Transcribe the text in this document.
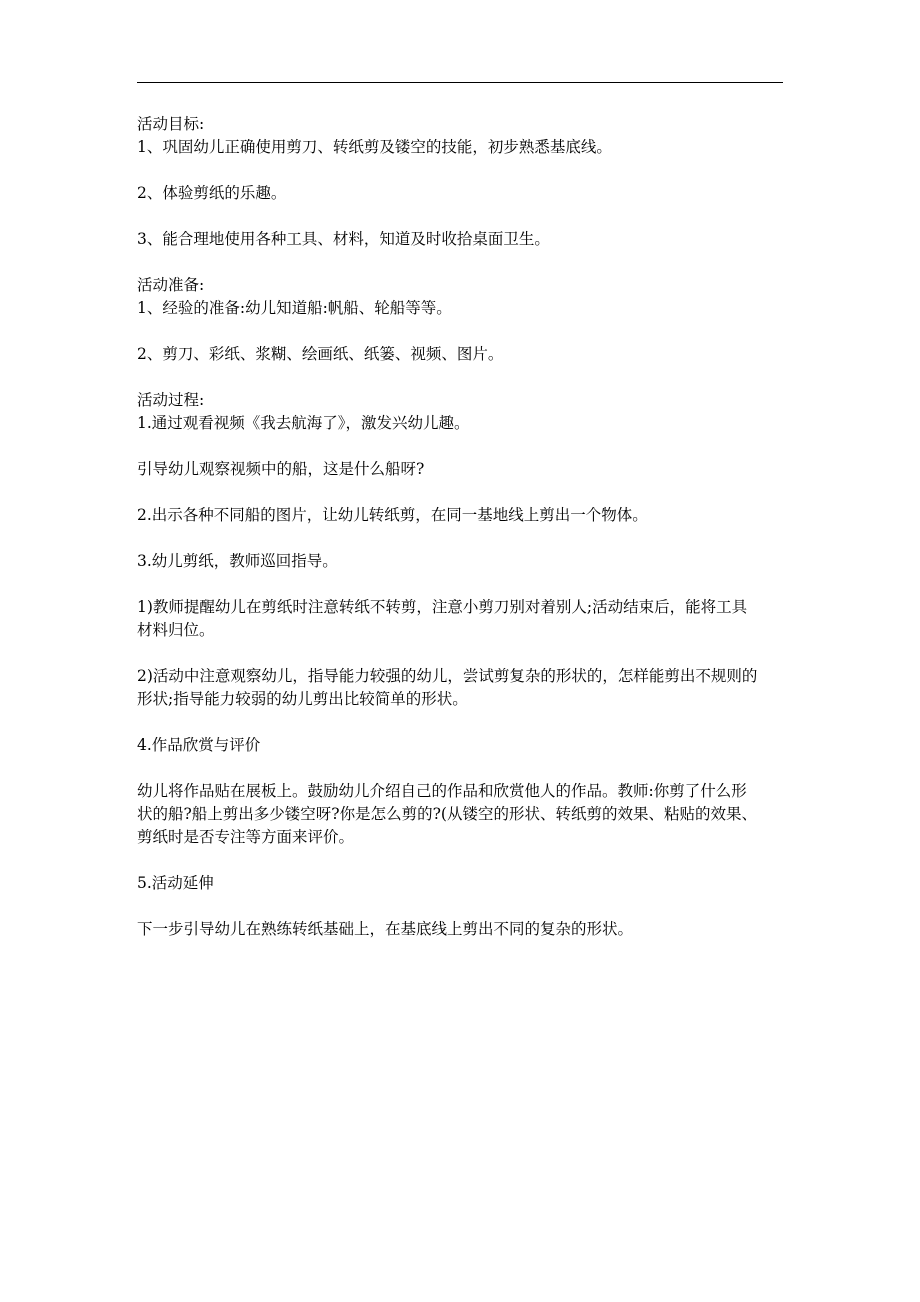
活动目标:
1、巩固幼儿正确使用剪刀、转纸剪及镂空的技能，初步熟悉基底线。
2、体验剪纸的乐趣。
3、能合理地使用各种工具、材料，知道及时收拾桌面卫生。
活动准备:
1、经验的准备:幼儿知道船:帆船、轮船等等。
2、剪刀、彩纸、浆糊、绘画纸、纸篓、视频、图片。
活动过程:
1.通过观看视频《我去航海了》，激发兴幼儿趣。
引导幼儿观察视频中的船，这是什么船呀?
2.出示各种不同船的图片，让幼儿转纸剪，在同一基地线上剪出一个物体。
3.幼儿剪纸，教师巡回指导。
1)教师提醒幼儿在剪纸时注意转纸不转剪，注意小剪刀别对着别人;活动结束后，能将工具
材料归位。
2)活动中注意观察幼儿，指导能力较强的幼儿，尝试剪复杂的形状的，怎样能剪出不规则的
形状;指导能力较弱的幼儿剪出比较简单的形状。
4.作品欣赏与评价
幼儿将作品贴在展板上。鼓励幼儿介绍自己的作品和欣赏他人的作品。教师:你剪了什么形
状的船?船上剪出多少镂空呀?你是怎么剪的?(从镂空的形状、转纸剪的效果、粘贴的效果、
剪纸时是否专注等方面来评价。
5.活动延伸
下一步引导幼儿在熟练转纸基础上，在基底线上剪出不同的复杂的形状。
